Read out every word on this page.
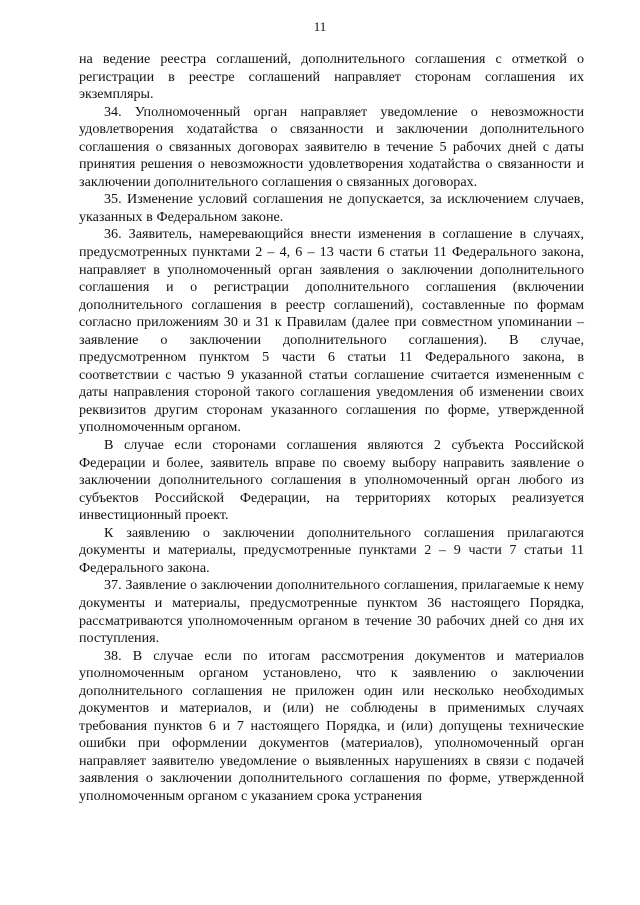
11

на ведение реестра соглашений, дополнительного соглашения с отметкой о регистрации в реестре соглашений направляет сторонам соглашения их экземпляры.

34. Уполномоченный орган направляет уведомление о невозможности удовлетворения ходатайства о связанности и заключении дополнительного соглашения о связанных договорах заявителю в течение 5 рабочих дней с даты принятия решения о невозможности удовлетворения ходатайства о связанности и заключении дополнительного соглашения о связанных договорах.

35. Изменение условий соглашения не допускается, за исключением случаев, указанных в Федеральном законе.

36. Заявитель, намеревающийся внести изменения в соглашение в случаях, предусмотренных пунктами 2 – 4, 6 – 13 части 6 статьи 11 Федерального закона, направляет в уполномоченный орган заявления о заключении дополнительного соглашения и о регистрации дополнительного соглашения (включении дополнительного соглашения в реестр соглашений), составленные по формам согласно приложениям 30 и 31 к Правилам (далее при совместном упоминании – заявление о заключении дополнительного соглашения). В случае, предусмотренном пунктом 5 части 6 статьи 11 Федерального закона, в соответствии с частью 9 указанной статьи соглашение считается измененным с даты направления стороной такого соглашения уведомления об изменении своих реквизитов другим сторонам указанного соглашения по форме, утвержденной уполномоченным органом.

В случае если сторонами соглашения являются 2 субъекта Российской Федерации и более, заявитель вправе по своему выбору направить заявление о заключении дополнительного соглашения в уполномоченный орган любого из субъектов Российской Федерации, на территориях которых реализуется инвестиционный проект.

К заявлению о заключении дополнительного соглашения прилагаются документы и материалы, предусмотренные пунктами 2 – 9 части 7 статьи 11 Федерального закона.

37. Заявление о заключении дополнительного соглашения, прилагаемые к нему документы и материалы, предусмотренные пунктом 36 настоящего Порядка, рассматриваются уполномоченным органом в течение 30 рабочих дней со дня их поступления.

38. В случае если по итогам рассмотрения документов и материалов уполномоченным органом установлено, что к заявлению о заключении дополнительного соглашения не приложен один или несколько необходимых документов и материалов, и (или) не соблюдены в применимых случаях требования пунктов 6 и 7 настоящего Порядка, и (или) допущены технические ошибки при оформлении документов (материалов), уполномоченный орган направляет заявителю уведомление о выявленных нарушениях в связи с подачей заявления о заключении дополнительного соглашения по форме, утвержденной уполномоченным органом с указанием срока устранения
